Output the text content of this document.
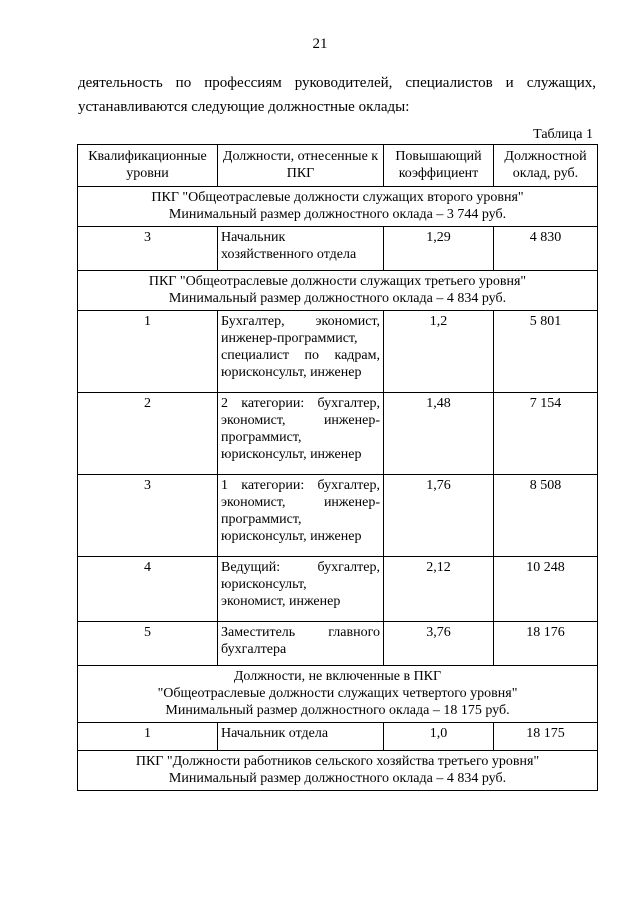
21
деятельность по профессиям руководителей, специалистов и служащих,
устанавливаются следующие должностные оклады:
Таблица 1
Квалификационные уровни	Должности, отнесенные к ПКГ	Повышающий коэффициент	Должностной оклад, руб.

ПКГ "Общеотраслевые должности служащих второго уровня"
Минимальный размер должностного оклада – 3 744 руб.			

3	Начальник
хозяйственного отдела	1,29	4 830

ПКГ "Общеотраслевые должности служащих третьего уровня"
Минимальный размер должностного оклада – 4 834 руб.			

1	Бухгалтер, экономист,
инженер-программист,
специалист по кадрам,
юрисконсульт, инженер	1,2	5 801
2	2 категории: бухгалтер,
экономист, инженер-
программист,
юрисконсульт, инженер	1,48	7 154
3	1 категории: бухгалтер,
экономист, инженер-
программист,
юрисконсульт, инженер	1,76	8 508
4	Ведущий: бухгалтер,
юрисконсульт,
экономист, инженер	2,12	10 248
5	Заместитель главного
бухгалтера	3,76	18 176

Должности, не включенные в ПКГ
"Общеотраслевые должности служащих четвертого уровня"
Минимальный размер должностного оклада – 18 175 руб.			

1	Начальник отдела	1,0	18 175

ПКГ "Должности работников сельского хозяйства третьего уровня"
Минимальный размер должностного оклада – 4 834 руб.			
